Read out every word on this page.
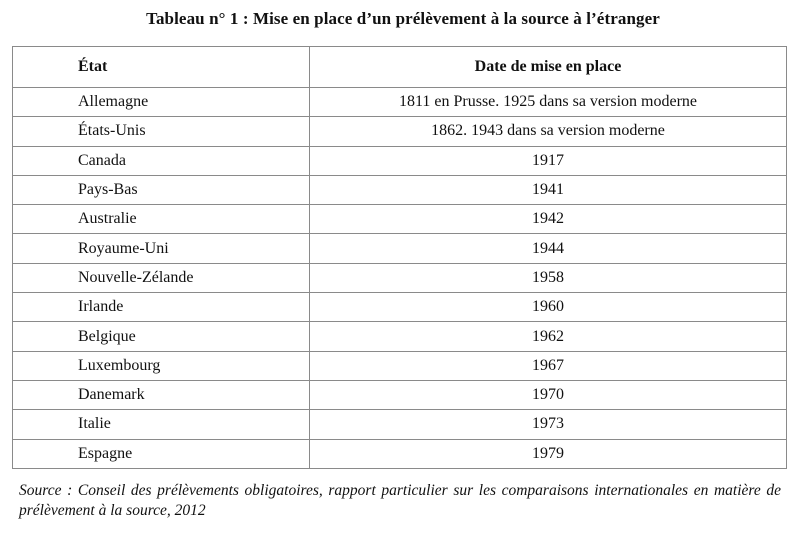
Tableau n° 1 : Mise en place d’un prélèvement à la source à l’étranger
État	Date de mise en place
Allemagne	1811 en Prusse. 1925 dans sa version moderne
États-Unis	1862. 1943 dans sa version moderne
Canada	1917
Pays-Bas	1941
Australie	1942
Royaume-Uni	1944
Nouvelle-Zélande	1958
Irlande	1960
Belgique	1962
Luxembourg	1967
Danemark	1970
Italie	1973
Espagne	1979
Source : Conseil des prélèvements obligatoires, rapport particulier sur les comparaisons internationales en matière de prélèvement à la source, 2012
